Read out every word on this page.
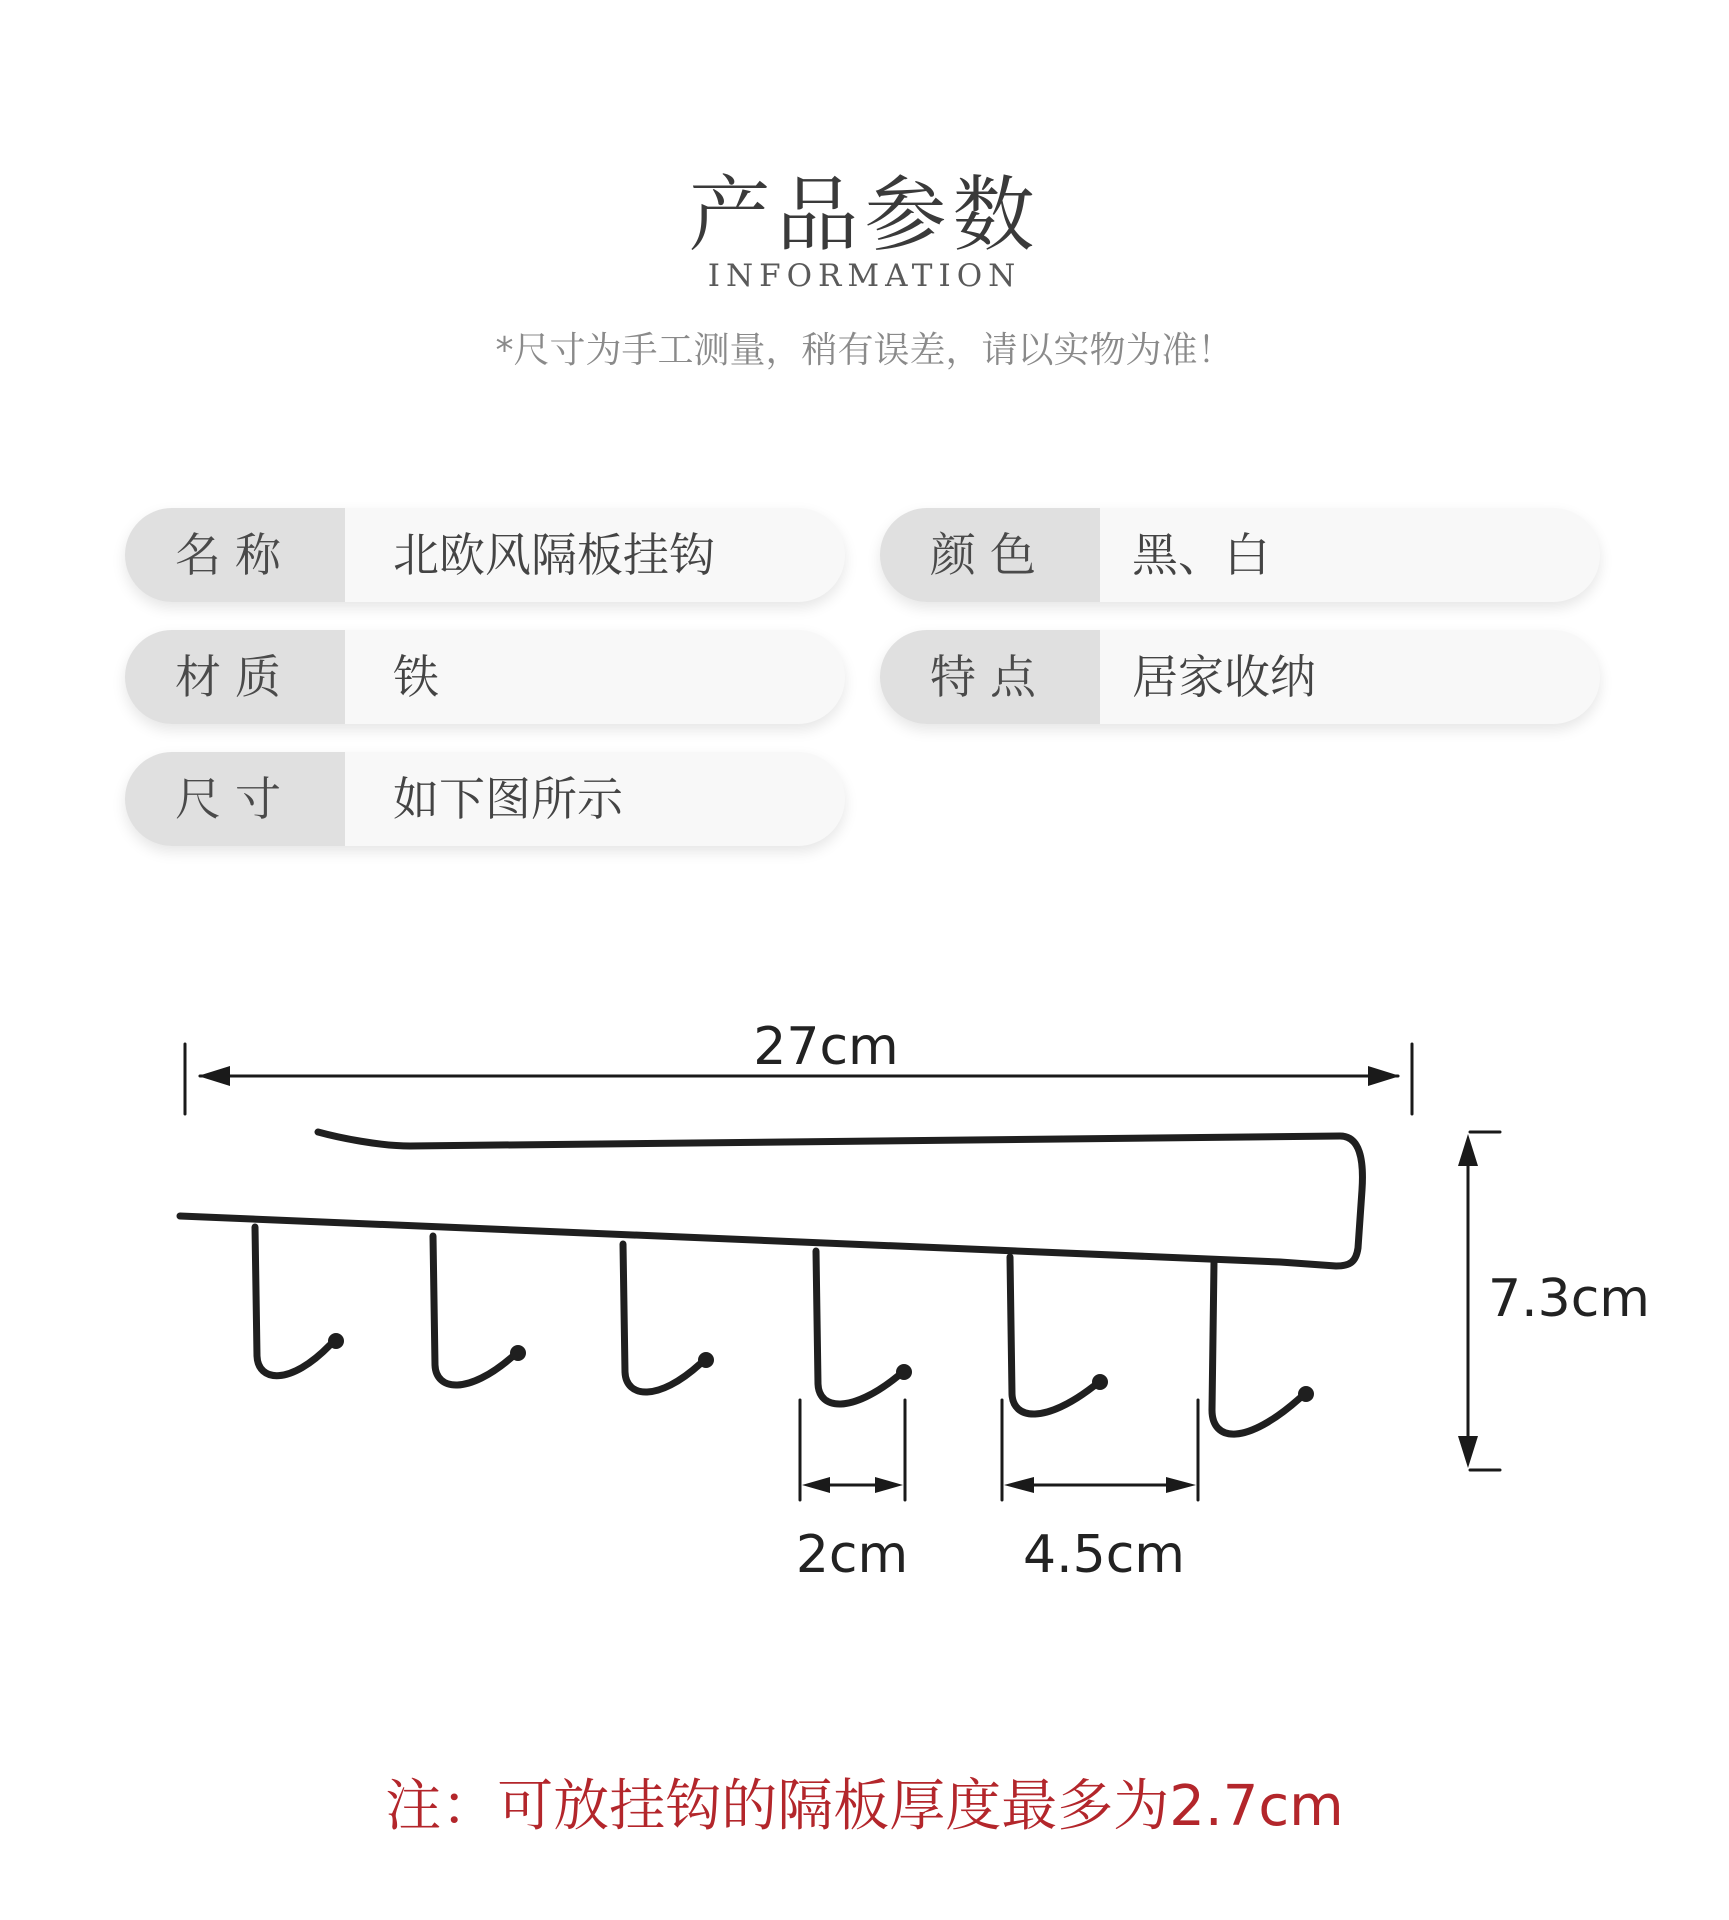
产品参数
INFORMATION
*尺寸为手工测量，稍有误差，请以实物为准！
名称	北欧风隔板挂钩	颜色	黑、白
材质	铁	特点	居家收纳
尺寸	如下图所示
27cm
7.3cm
2cm 4.5cm
注：可放挂钩的隔板厚度最多为2.7cm
